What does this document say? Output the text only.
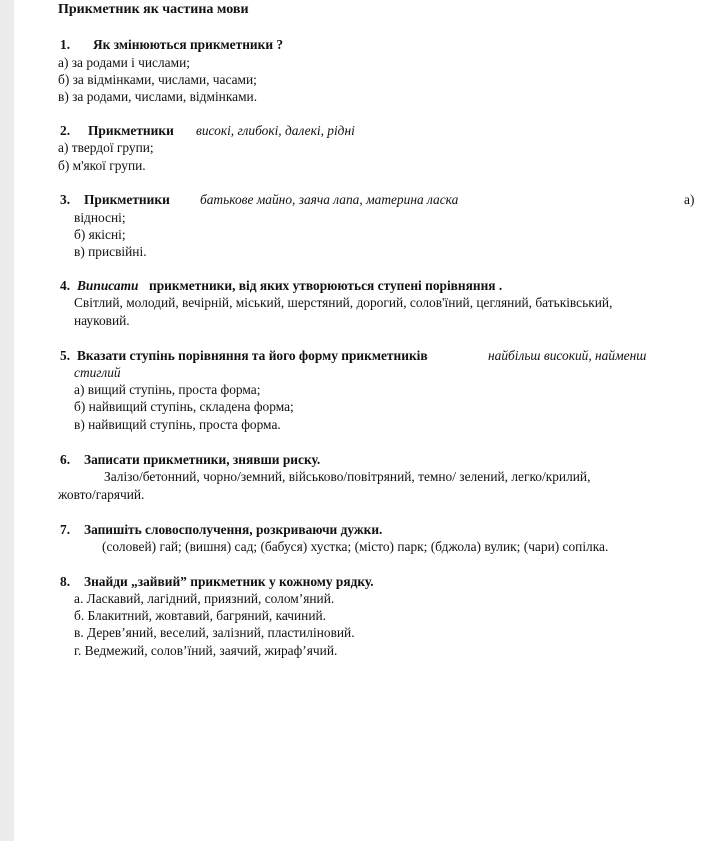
Прикметник як частина мови
1. Як змінюються прикметники ?
а) за родами і числами;
б) за відмінками, числами, часами;
в) за родами, числами, відмінками.
2. Прикметники високі, глибокі, далекі, рідні
а) твердої групи;
б) м'якої групи.
3. Прикметники батькове майно, заяча лапа, материна ласка	а)
відносні;
б) якісні;
в) присвійні.
4. Виписати прикметники, від яких утворюються ступені порівняння .
Світлий, молодий, вечірній, міський, шерстяний, дорогий, солов'їний, цегляний, батьківський,
науковий.
5. Вказати ступінь порівняння та його форму прикметників	найбільш високий, найменш
стиглий
а) вищий ступінь, проста форма;
б) найвищий ступінь, складена форма;
в) найвищий ступінь, проста форма.
6. Записати прикметники, знявши риску.
Залізо/бетонний, чорно/земний, військово/повітряний, темно/ зелений, легко/крилий,
жовто/гарячий.
7. Запишіть словосполучення, розкриваючи дужки.
(соловей) гай; (вишня) сад; (бабуся) хустка; (місто) парк; (бджола) вулик; (чари) сопілка.
8. Знайди „зайвий” прикметник у кожному рядку.
а. Ласкавий, лагідний, приязний, солом’яний.
б. Блакитний, жовтавий, багряний, качиний.
в. Дерев’яний, веселий, залізний, пластиліновий.
г. Ведмежий, солов’їний, заячий, жираф’ячий.
